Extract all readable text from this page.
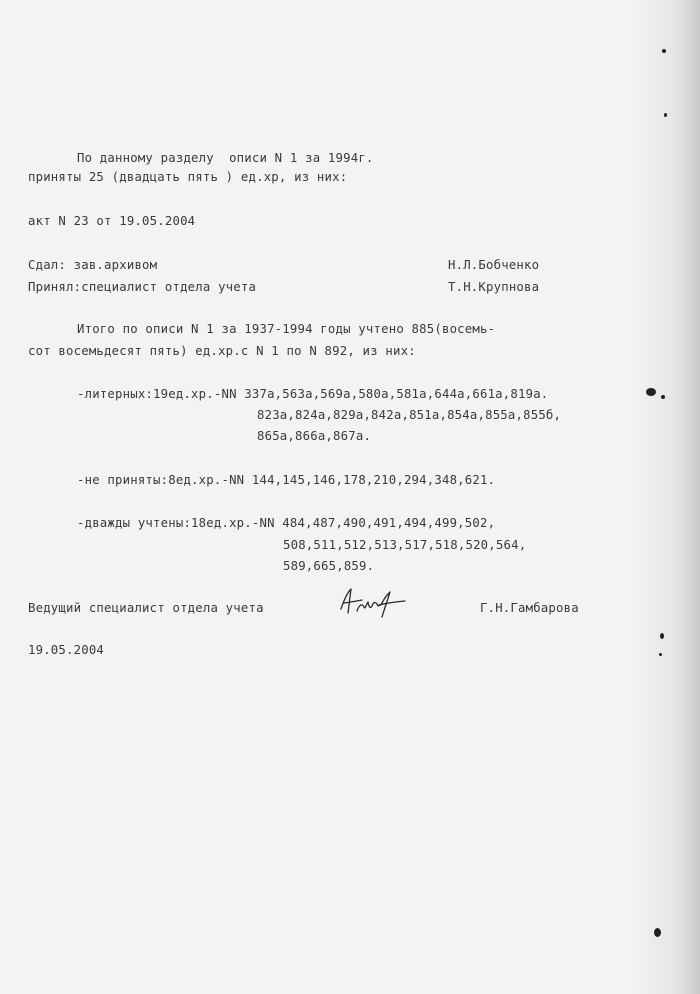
По данному разделу  описи N 1 за 1994г.
приняты 25 (двадцать пять ) ед.хр, из них:
акт N 23 от 19.05.2004
Сдал: зав.архивом	Н.Л.Бобченко
Принял:специалист отдела учета	Т.Н.Крупнова
Итого по описи N 1 за 1937-1994 годы учтено 885(восемь-
сот восемьдесят пять) ед.хр.с N 1 по N 892, из них:
-литерных:19ед.хр.-NN 337а,563а,569а,580а,581а,644а,661а,819а.
823а,824а,829а,842а,851а,854а,855а,855б,
865а,866а,867а.
-не приняты:8ед.хр.-NN 144,145,146,178,210,294,348,621.
-дважды учтены:18ед.хр.-NN 484,487,490,491,494,499,502,
508,511,512,513,517,518,520,564,
589,665,859.
Ведущий специалист отдела учета	Г.Н.Гамбарова
19.05.2004
